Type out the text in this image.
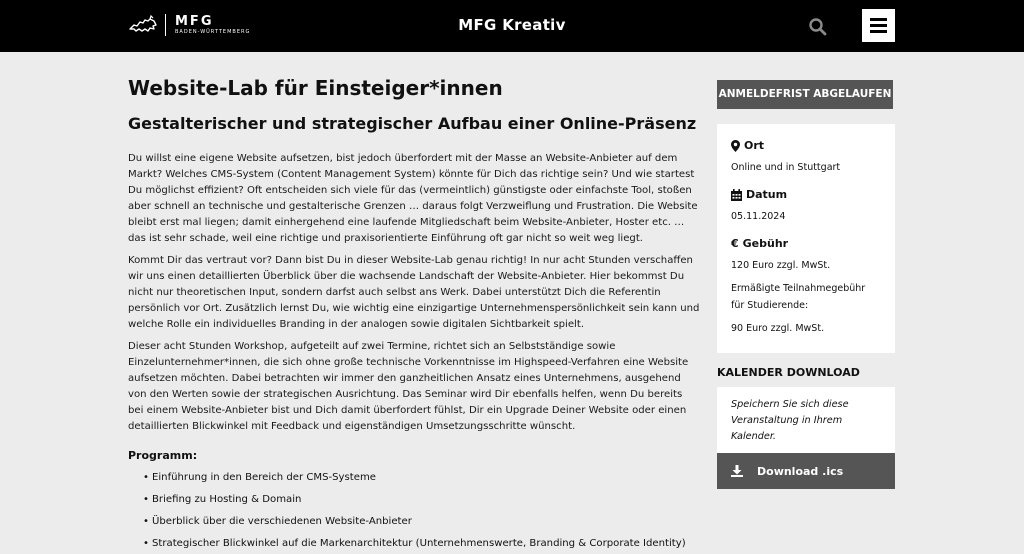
MFG
BADEN-WÜRTTEMBERG	MFG Kreativ
Website-Lab für Einsteiger*innen
Gestalterischer und strategischer Aufbau einer Online-Präsenz

Du willst eine eigene Website aufsetzen, bist jedoch überfordert mit der Masse an Website-Anbieter auf dem Markt? Welches CMS-System (Content Management System) könnte für Dich das richtige sein? Und wie startest Du möglichst effizient? Oft entscheiden sich viele für das (vermeintlich) günstigste oder einfachste Tool, stoßen aber schnell an technische und gestalterische Grenzen … daraus folgt Verzweiflung und Frustration. Die Website bleibt erst mal liegen; damit einhergehend eine laufende Mitgliedschaft beim Website-Anbieter, Hoster etc. … das ist sehr schade, weil eine richtige und praxisorientierte Einführung oft gar nicht so weit weg liegt.

Kommt Dir das vertraut vor? Dann bist Du in dieser Website-Lab genau richtig! In nur acht Stunden verschaffen wir uns einen detaillierten Überblick über die wachsende Landschaft der Website-Anbieter. Hier bekommst Du nicht nur theoretischen Input, sondern darfst auch selbst ans Werk. Dabei unterstützt Dich die Referentin persönlich vor Ort. Zusätzlich lernst Du, wie wichtig eine einzigartige Unternehmenspersönlichkeit sein kann und welche Rolle ein individuelles Branding in der analogen sowie digitalen Sichtbarkeit spielt.

Dieser acht Stunden Workshop, aufgeteilt auf zwei Termine, richtet sich an Selbstständige sowie Einzelunternehmer*innen, die sich ohne große technische Vorkenntnisse im Highspeed-Verfahren eine Website aufsetzen möchten. Dabei betrachten wir immer den ganzheitlichen Ansatz eines Unternehmens, ausgehend von den Werten sowie der strategischen Ausrichtung. Das Seminar wird Dir ebenfalls helfen, wenn Du bereits bei einem Website-Anbieter bist und Dich damit überfordert fühlst, Dir ein Upgrade Deiner Website oder einen detaillierten Blickwinkel mit Feedback und eigenständigen Umsetzungsschritte wünscht.

Programm:
• Einführung in den Bereich der CMS-Systeme
• Briefing zu Hosting & Domain
• Überblick über die verschiedenen Website-Anbieter
• Strategischer Blickwinkel auf die Markenarchitektur (Unternehmenswerte, Branding & Corporate Identity)
ANMELDEFRIST ABGELAUFEN
Ort
Online und in Stuttgart
Datum
05.11.2024
€ Gebühr
120 Euro zzgl. MwSt.
Ermäßigte Teilnahmegebühr für Studierende:
90 Euro zzgl. MwSt.
KALENDER DOWNLOAD
Speichern Sie sich diese Veranstaltung in Ihrem Kalender.
Download .ics
